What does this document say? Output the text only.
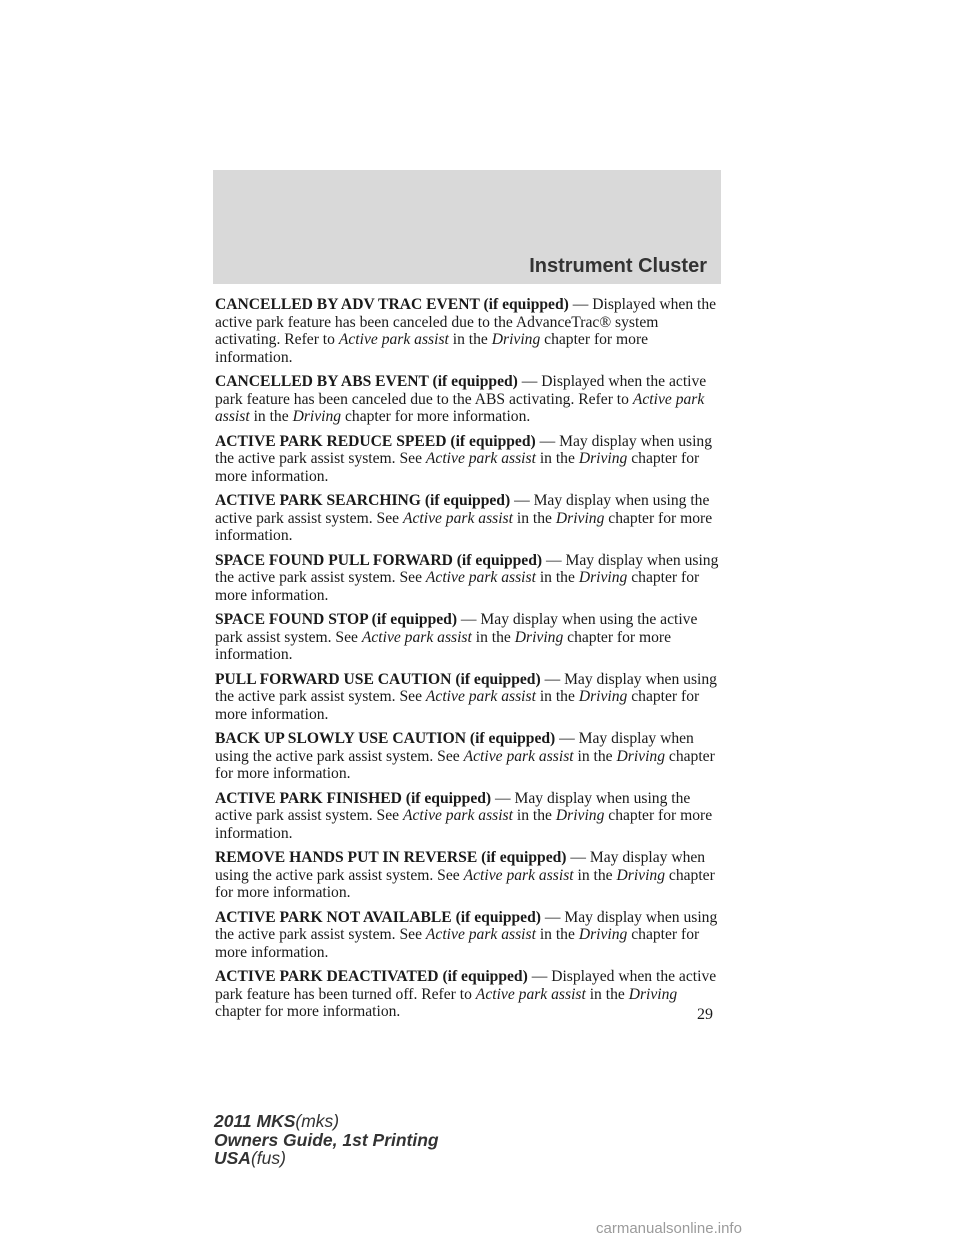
Instrument Cluster

CANCELLED BY ADV TRAC EVENT (if equipped) — Displayed when the active park feature has been canceled due to the AdvanceTrac® system activating. Refer to Active park assist in the Driving chapter for more information.

CANCELLED BY ABS EVENT (if equipped) — Displayed when the active park feature has been canceled due to the ABS activating. Refer to Active park assist in the Driving chapter for more information.

ACTIVE PARK REDUCE SPEED (if equipped) — May display when using the active park assist system. See Active park assist in the Driving chapter for more information.

ACTIVE PARK SEARCHING (if equipped) — May display when using the active park assist system. See Active park assist in the Driving chapter for more information.

SPACE FOUND PULL FORWARD (if equipped) — May display when using the active park assist system. See Active park assist in the Driving chapter for more information.

SPACE FOUND STOP (if equipped) — May display when using the active park assist system. See Active park assist in the Driving chapter for more information.

PULL FORWARD USE CAUTION (if equipped) — May display when using the active park assist system. See Active park assist in the Driving chapter for more information.

BACK UP SLOWLY USE CAUTION (if equipped) — May display when using the active park assist system. See Active park assist in the Driving chapter for more information.

ACTIVE PARK FINISHED (if equipped) — May display when using the active park assist system. See Active park assist in the Driving chapter for more information.

REMOVE HANDS PUT IN REVERSE (if equipped) — May display when using the active park assist system. See Active park assist in the Driving chapter for more information.

ACTIVE PARK NOT AVAILABLE (if equipped) — May display when using the active park assist system. See Active park assist in the Driving chapter for more information.

ACTIVE PARK DEACTIVATED (if equipped) — Displayed when the active park feature has been turned off. Refer to Active park assist in the Driving chapter for more information.	29
2011 MKS(mks)
Owners Guide, 1st Printing
USA(fus)
carmanualsonline.info
